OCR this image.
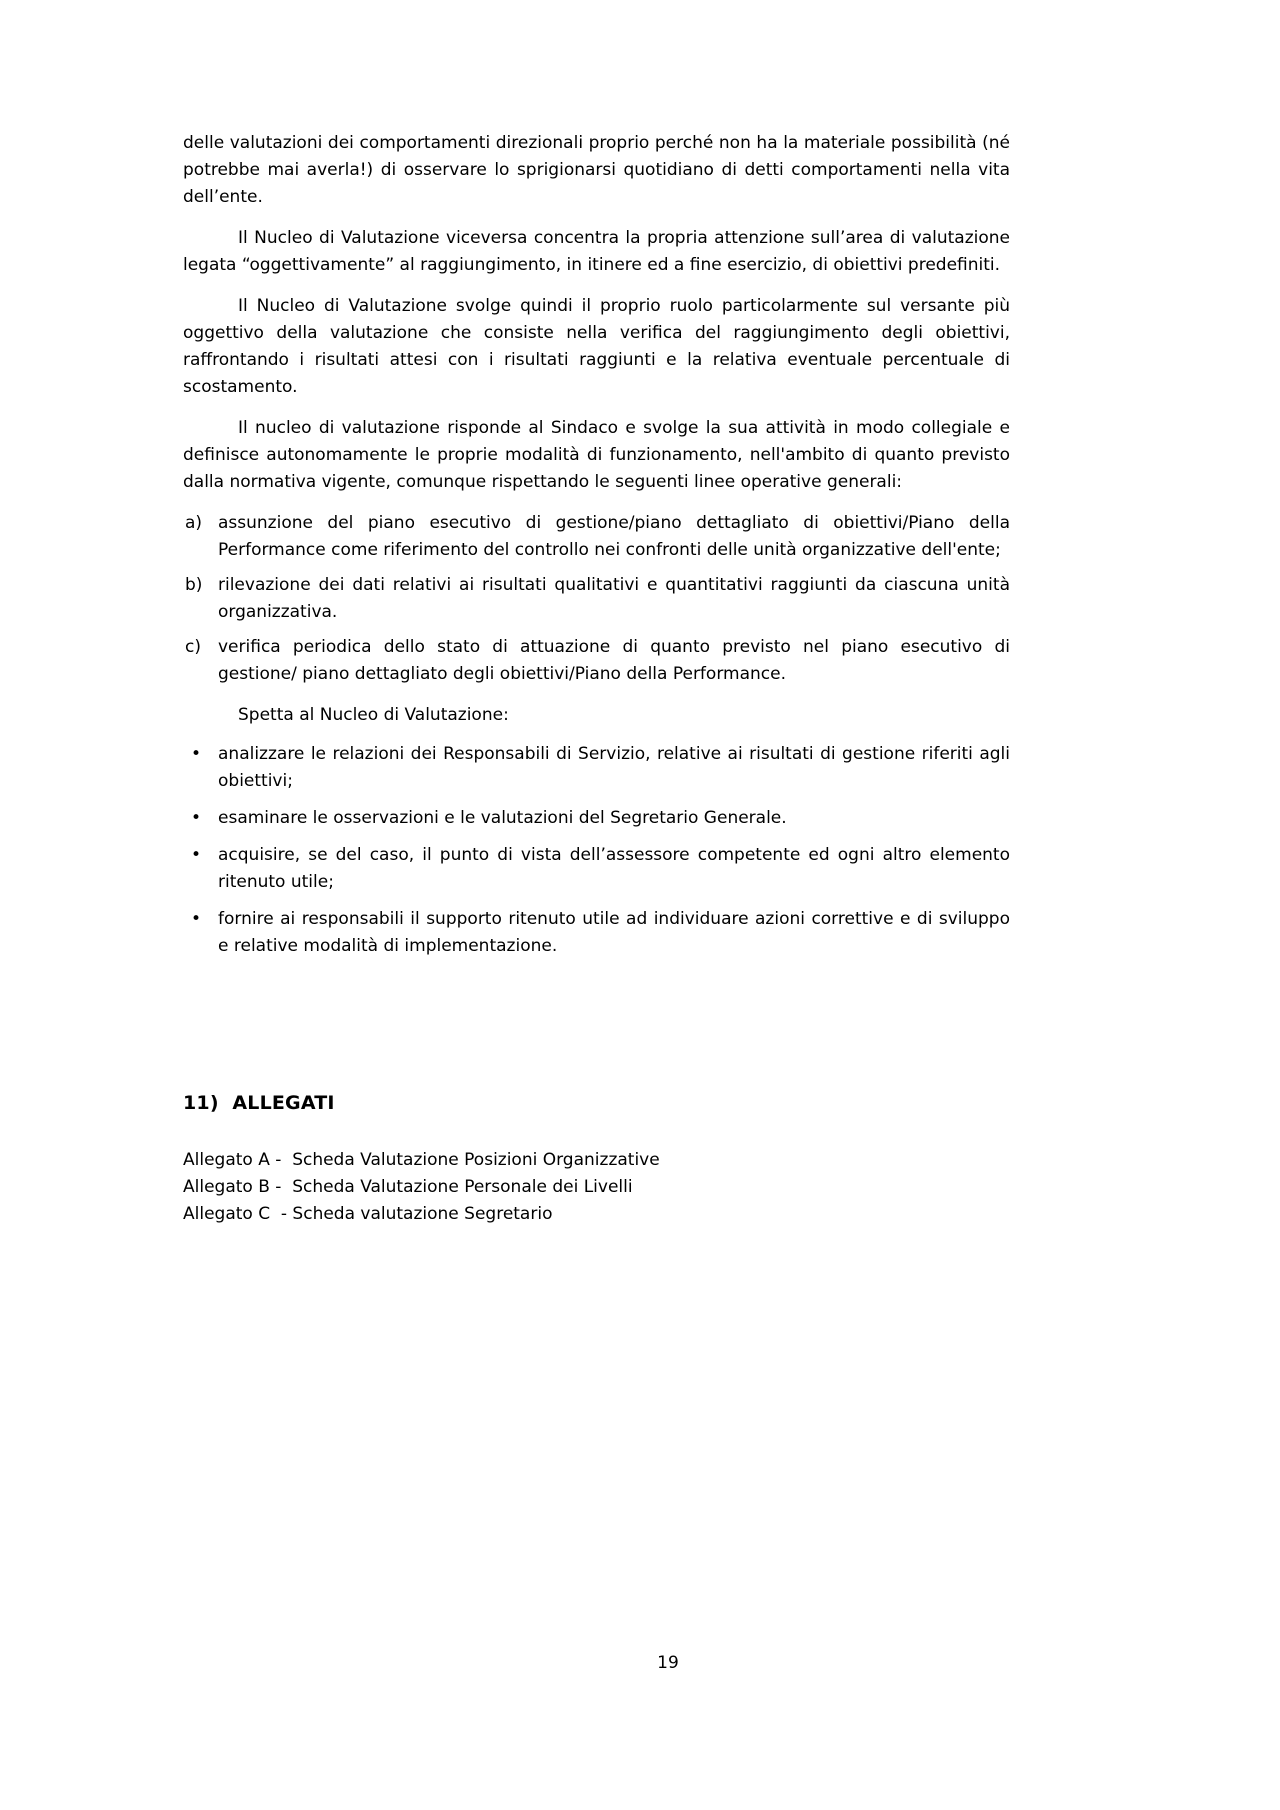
delle valutazioni dei comportamenti direzionali proprio perché non ha la materiale possibilità (né potrebbe mai averla!) di osservare lo sprigionarsi quotidiano di detti comportamenti nella vita dell’ente.

Il Nucleo di Valutazione viceversa concentra la propria attenzione sull’area di valutazione legata “oggettivamente” al raggiungimento, in itinere ed a fine esercizio, di obiettivi predefiniti.

Il Nucleo di Valutazione svolge quindi il proprio ruolo particolarmente sul versante più oggettivo della valutazione che consiste nella verifica del raggiungimento degli obiettivi, raffrontando i risultati attesi con i risultati raggiunti e la relativa eventuale percentuale di scostamento.

Il nucleo di valutazione risponde al Sindaco e svolge la sua attività in modo collegiale e definisce autonomamente le proprie modalità di funzionamento, nell'ambito di quanto previsto dalla normativa vigente, comunque rispettando le seguenti linee operative generali:

a) assunzione del piano esecutivo di gestione/piano dettagliato di obiettivi/Piano della Performance come riferimento del controllo nei confronti delle unità organizzative dell'ente;
b) rilevazione dei dati relativi ai risultati qualitativi e quantitativi raggiunti da ciascuna unità organizzativa.
c) verifica periodica dello stato di attuazione di quanto previsto nel piano esecutivo di gestione/ piano dettagliato degli obiettivi/Piano della Performance.

Spetta al Nucleo di Valutazione:

• analizzare le relazioni dei Responsabili di Servizio, relative ai risultati di gestione riferiti agli obiettivi;
• esaminare le osservazioni e le valutazioni del Segretario Generale.
• acquisire, se del caso, il punto di vista dell’assessore competente ed ogni altro elemento ritenuto utile;
• fornire ai responsabili il supporto ritenuto utile ad individuare azioni correttive e di sviluppo e relative modalità di implementazione.
11)  ALLEGATI
Allegato A -  Scheda Valutazione Posizioni Organizzative
Allegato B -  Scheda Valutazione Personale dei Livelli
Allegato C  - Scheda valutazione Segretario
19
